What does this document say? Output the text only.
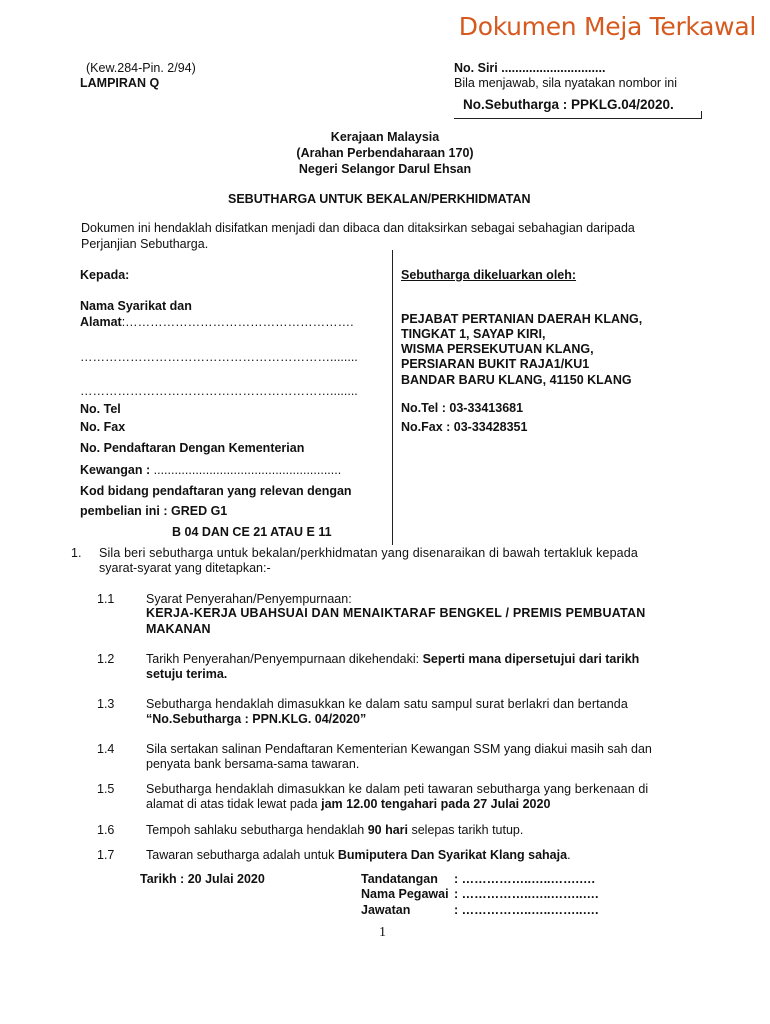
Dokumen Meja Terkawal
(Kew.284-Pin. 2/94)
LAMPIRAN Q
No. Siri ..............................
Bila menjawab, sila nyatakan nombor ini
No.Sebutharga : PPKLG.04/2020.
Kerajaan Malaysia
(Arahan Perbendaharaan 170)
Negeri Selangor Darul Ehsan
SEBUTHARGA UNTUK BEKALAN/PERKHIDMATAN
Dokumen ini hendaklah disifatkan menjadi dan dibaca dan ditaksirkan sebagai sebahagian daripada
Perjanjian Sebutharga.
Kepada:
Nama Syarikat dan
Alamat:……………………………………………….
……………………………………………………........
……………………………………………………........
No. Tel
No. Fax
No. Pendaftaran Dengan Kementerian
Kewangan : ......................................................
Kod bidang pendaftaran yang relevan dengan
pembelian ini : GRED G1
B 04 DAN CE 21 ATAU E 11
Sebutharga dikeluarkan oleh:
PEJABAT PERTANIAN DAERAH KLANG,
TINGKAT 1, SAYAP KIRI,
WISMA PERSEKUTUAN KLANG,
PERSIARAN BUKIT RAJA1/KU1
BANDAR BARU KLANG, 41150 KLANG
No.Tel : 03-33413681
No.Fax : 03-33428351
1. Sila beri sebutharga untuk bekalan/perkhidmatan yang disenaraikan di bawah tertakluk kepada
syarat-syarat yang ditetapkan:-
1.1	Syarat Penyerahan/Penyempurnaan:
KERJA-KERJA UBAHSUAI DAN MENAIKTARAF BENGKEL / PREMIS PEMBUATAN
MAKANAN
1.2	Tarikh Penyerahan/Penyempurnaan dikehendaki: Seperti mana dipersetujui dari tarikh
setuju terima.
1.3	Sebutharga hendaklah dimasukkan ke dalam satu sampul surat berlakri dan bertanda
“No.Sebutharga : PPN.KLG. 04/2020”
1.4	Sila sertakan salinan Pendaftaran Kementerian Kewangan SSM yang diakui masih sah dan
penyata bank bersama-sama tawaran.
1.5	Sebutharga hendaklah dimasukkan ke dalam peti tawaran sebutharga yang berkenaan di
alamat di atas tidak lewat pada jam 12.00 tengahari pada 27 Julai 2020
1.6	Tempoh sahlaku sebutharga hendaklah 90 hari selepas tarikh tutup.
1.7	Tawaran sebutharga adalah untuk Bumiputera Dan Syarikat Klang sahaja.
Tarikh : 20 Julai 2020	Tandatangan : ……………..…..…….….
Nama Pegawai : ……………..…..……..….
Jawatan	: ……………..…..……..….
1
